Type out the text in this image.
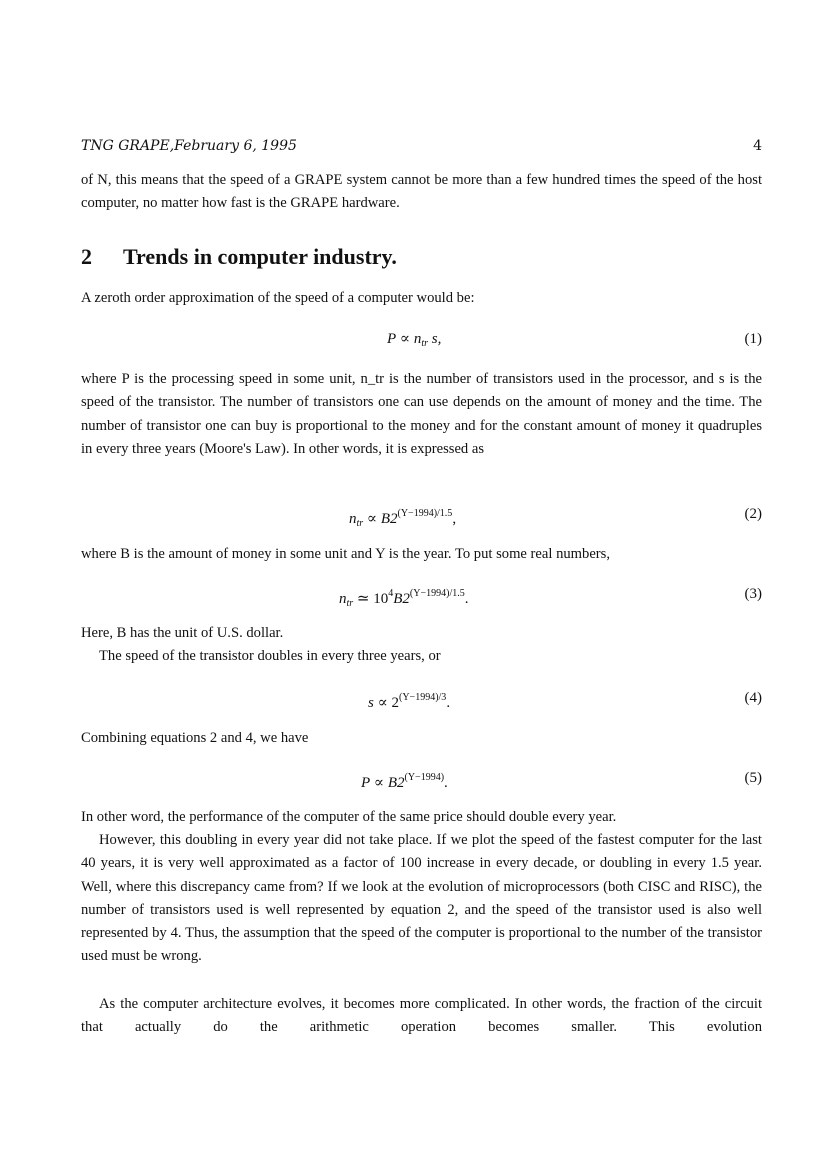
TNG GRAPE,February 6, 1995	4
of N, this means that the speed of a GRAPE system cannot be more than a few hundred times the speed of the host computer, no matter how fast is the GRAPE hardware.
2 Trends in computer industry.
A zeroth order approximation of the speed of a computer would be:
$P \propto n_{tr}$ s,	(1)
where P is the processing speed in some unit, n_tr is the number of transistors used in the processor, and s is the speed of the transistor. The number of transistors one can use depends on the amount of money and the time. The number of transistor one can buy is proportional to the money and for the constant amount of money it quadruples in every three years (Moore's Law). In other words, it is expressed as
$n_{tr} \propto B2^{(Y-1994)/1.5}$,	(2)
where B is the amount of money in some unit and Y is the year. To put some real numbers,
$n_{tr}$ ≃ $10^4B2^{(Y-1994)/1.5}$.	(3)
Here, B has the unit of U.S. dollar.
The speed of the transistor doubles in every three years, or
$s \propto 2^{(Y-1994)/3}$.	(4)
Combining equations 2 and 4, we have
$P \propto B2^{(Y-1994)}$.	(5)
In other word, the performance of the computer of the same price should double every year.
However, this doubling in every year did not take place. If we plot the speed of the fastest computer for the last 40 years, it is very well approximated as a factor of 100 increase in every decade, or doubling in every 1.5 year. Well, where this discrepancy came from? If we look at the evolution of microprocessors (both CISC and RISC), the number of transistors used is well represented by equation 2, and the speed of the transistor used is also well represented by 4. Thus, the assumption that the speed of the computer is proportional to the number of the transistor used must be wrong.
As the computer architecture evolves, it becomes more complicated. In other words, the fraction of the circuit that actually do the arithmetic operation becomes smaller. This evolution
